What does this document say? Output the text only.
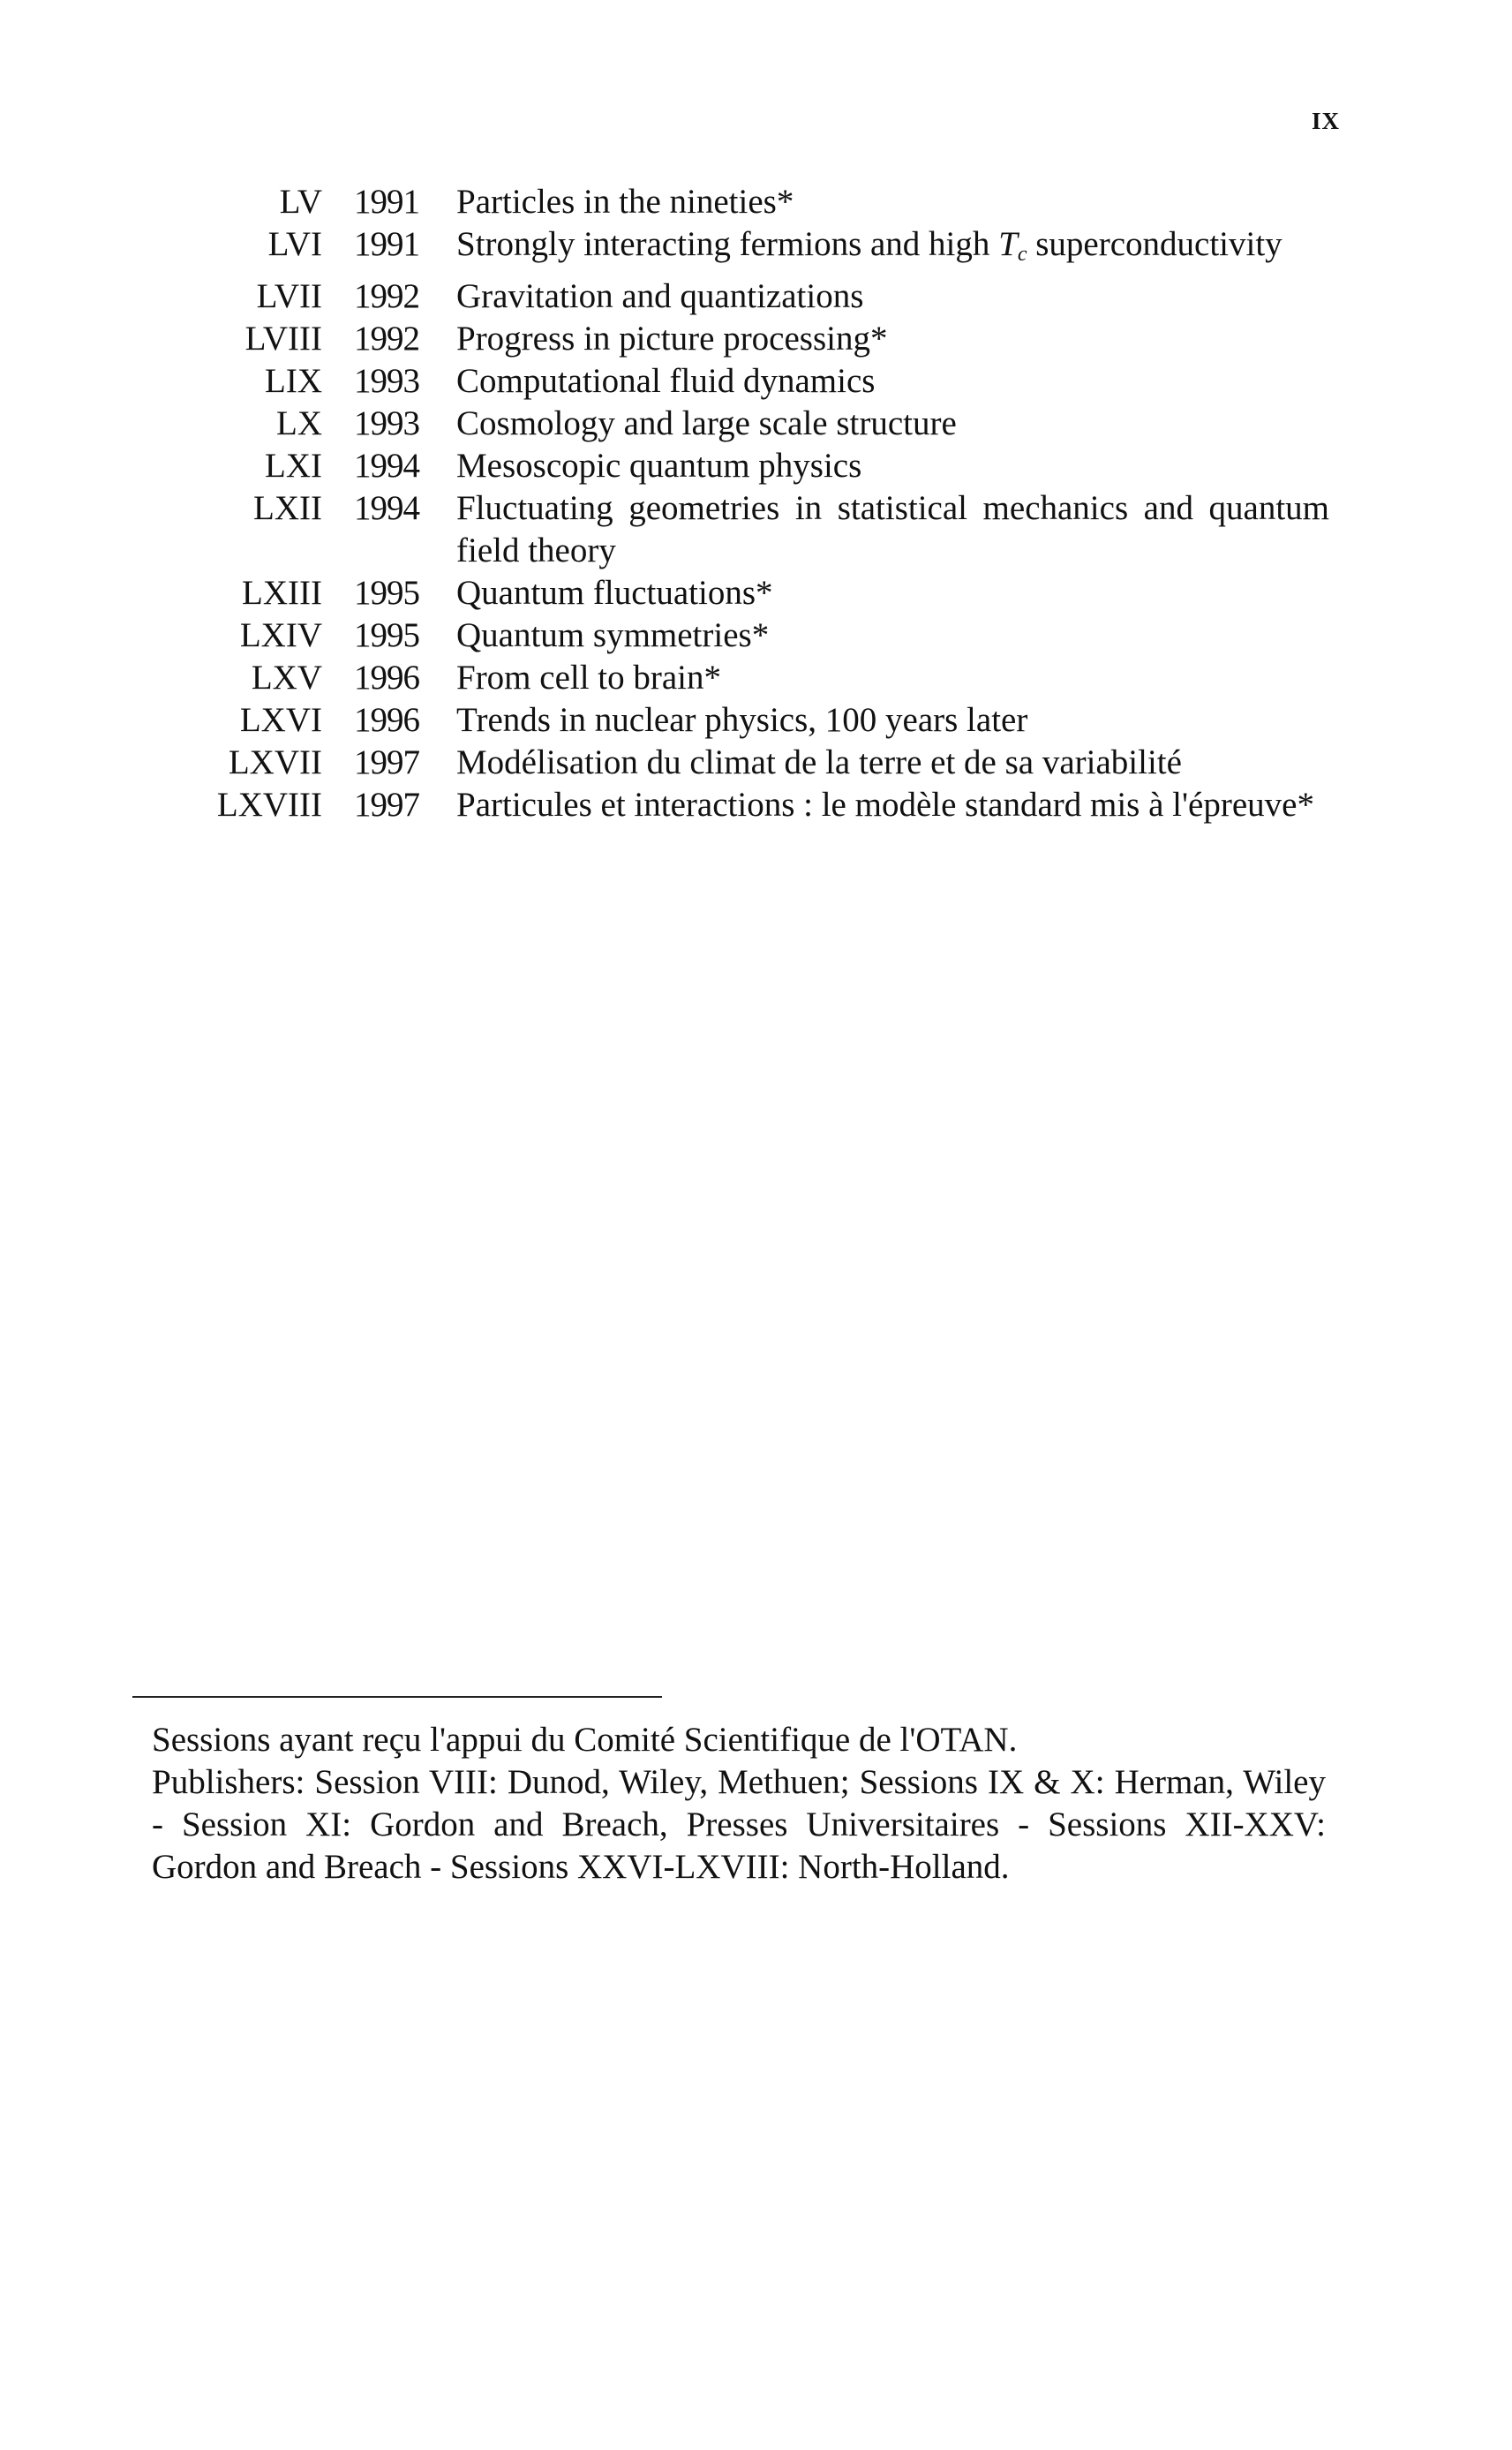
IX
LV 1991 Particles in the nineties*
LVI 1991 Strongly interacting fermions and high $T_c$ superconductivity
LVII 1992 Gravitation and quantizations
LVIII 1992 Progress in picture processing*
LIX 1993 Computational fluid dynamics
LX 1993 Cosmology and large scale structure
LXI 1994 Mesoscopic quantum physics
LXII 1994 Fluctuating geometries in statistical mechanics and quantum field theory
LXIII 1995 Quantum fluctuations*
LXIV 1995 Quantum symmetries*
LXV 1996 From cell to brain*
LXVI 1996 Trends in nuclear physics, 100 years later
LXVII 1997 Modélisation du climat de la terre et de sa variabilité
LXVIII 1997 Particules et interactions : le modèle standard mis à l'épreuve*

Sessions ayant reçu l'appui du Comité Scientifique de l'OTAN.

Publishers: Session VIII: Dunod, Wiley, Methuen; Sessions IX & X: Herman, Wiley - Session XI: Gordon and Breach, Presses Universitaires - Sessions XII-XXV: Gordon and Breach - Sessions XXVI-LXVIII: North-Holland.
